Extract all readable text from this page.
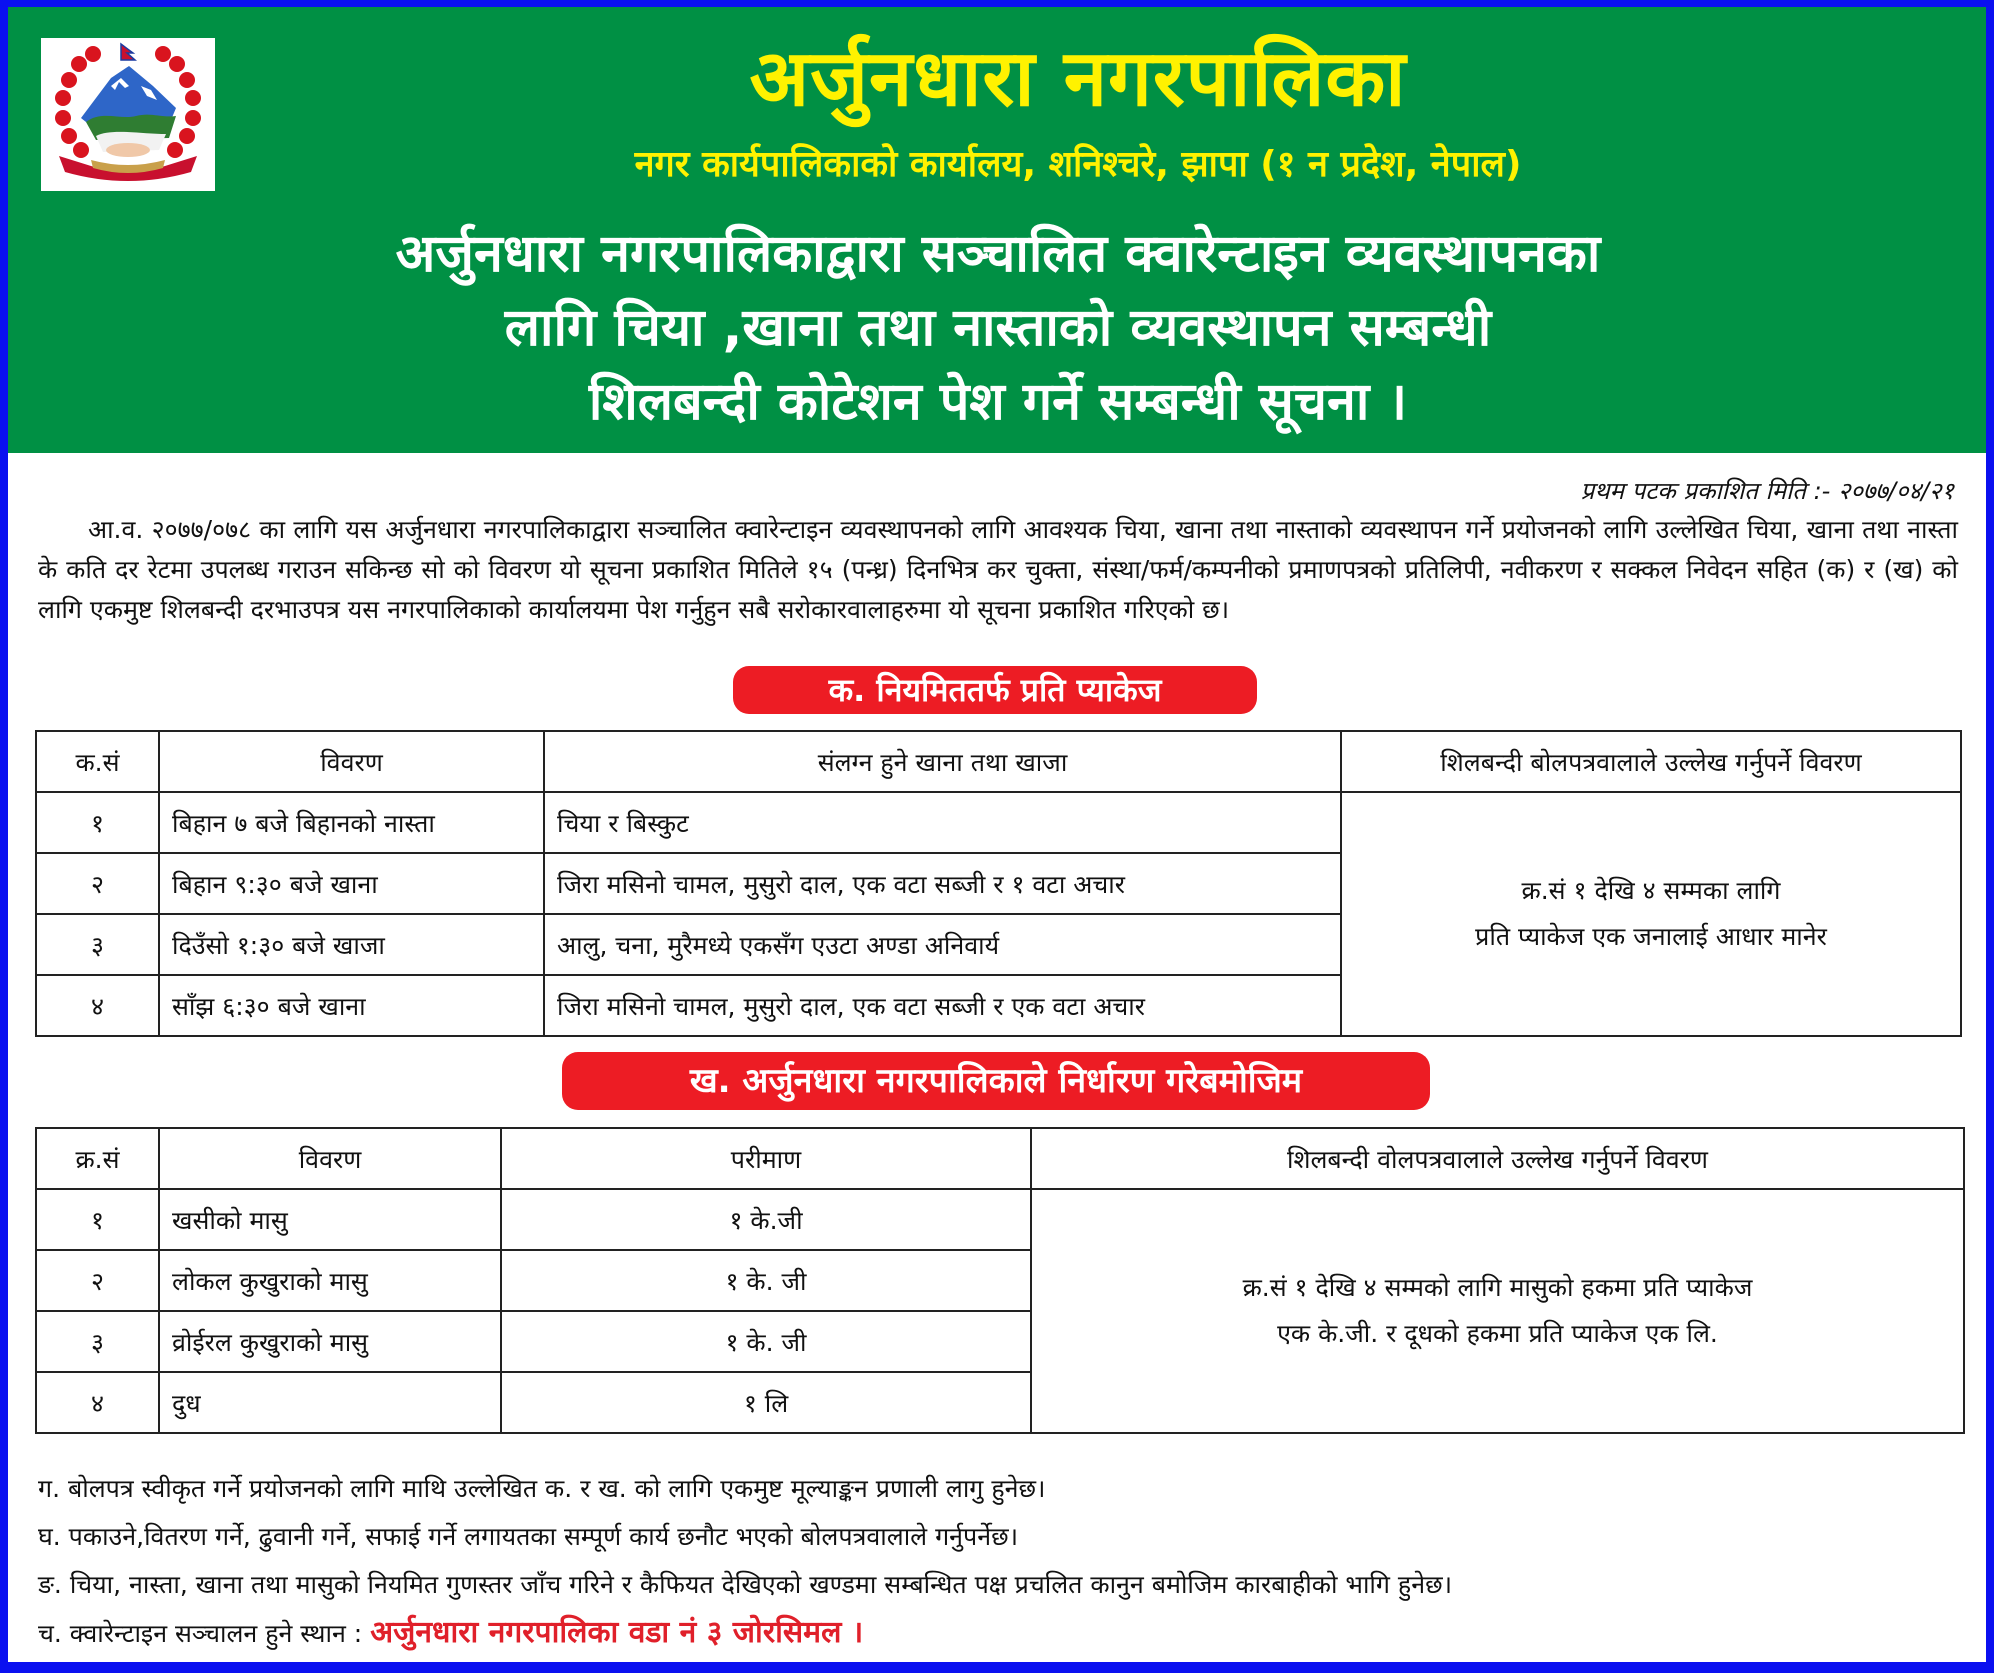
अर्जुनधारा नगरपालिका
नगर कार्यपालिकाको कार्यालय, शनिश्चरे, झापा (१ न प्रदेश, नेपाल)
अर्जुनधारा नगरपालिकाद्वारा सञ्चालित क्वारेन्टाइन व्यवस्थापनका
लागि चिया ,खाना तथा नास्ताको व्यवस्थापन सम्बन्धी
शिलबन्दी कोटेशन पेश गर्ने सम्बन्धी सूचना ।
प्रथम पटक प्रकाशित मिति :- २०७७/०४/२१
आ.व. २०७७/०७८ का लागि यस अर्जुनधारा नगरपालिकाद्वारा सञ्चालित क्वारेन्टाइन व्यवस्थापनको लागि आवश्यक चिया, खाना तथा नास्ताको व्यवस्थापन गर्ने प्रयोजनको लागि उल्लेखित चिया, खाना तथा नास्ता के कति दर रेटमा उपलब्ध गराउन सकिन्छ सो को विवरण यो सूचना प्रकाशित मितिले १५ (पन्ध्र) दिनभित्र कर चुक्ता, संस्था/फर्म/कम्पनीको प्रमाणपत्रको प्रतिलिपी, नवीकरण र सक्कल निवेदन सहित (क) र (ख) को लागि एकमुष्ट शिलबन्दी दरभाउपत्र यस नगरपालिकाको कार्यालयमा पेश गर्नुहुन सबै सरोकारवालाहरुमा यो सूचना प्रकाशित गरिएको छ।
क. नियमिततर्फ प्रति प्याकेज
क.सं	विवरण	संलग्न हुने खाना तथा खाजा	शिलबन्दी बोलपत्रवालाले उल्लेख गर्नुपर्ने विवरण
१	बिहान ७ बजे बिहानको नास्ता	चिया र बिस्कुट	क्र.सं १ देखि ४ सम्मका लागि
प्रति प्याकेज एक जनालाई आधार मानेर

२	बिहान ९:३० बजे खाना	जिरा मसिनो चामल, मुसुरो दाल, एक वटा सब्जी र १ वटा अचार	
३	दिउँसो १:३० बजे खाजा	आलु, चना, मुरैमध्ये एकसँग एउटा अण्डा अनिवार्य	
४	साँझ ६:३० बजे खाना	जिरा मसिनो चामल, मुसुरो दाल, एक वटा सब्जी र एक वटा अचार	
ख. अर्जुनधारा नगरपालिकाले निर्धारण गरेबमोजिम
क्र.सं	विवरण	परीमाण	शिलबन्दी वोलपत्रवालाले उल्लेख गर्नुपर्ने विवरण
१	खसीको मासु	१ के.जी	क्र.सं १ देखि ४ सम्मको लागि मासुको हकमा प्रति प्याकेज
एक के.जी. र दूधको हकमा प्रति प्याकेज एक लि.

२	लोकल कुखुराको मासु	१ के. जी	
३	व्रोईरल कुखुराको मासु	१ के. जी	
४	दुध	१ लि	
ग. बोलपत्र स्वीकृत गर्ने प्रयोजनको लागि माथि उल्लेखित क. र ख. को लागि एकमुष्ट मूल्याङ्कन प्रणाली लागु हुनेछ।
घ. पकाउने,वितरण गर्ने, ढुवानी गर्ने, सफाई गर्ने लगायतका सम्पूर्ण कार्य छनौट भएको बोलपत्रवालाले गर्नुपर्नेछ।
ङ. चिया, नास्ता, खाना तथा मासुको नियमित गुणस्तर जाँच गरिने र कैफियत देखिएको खण्डमा सम्बन्धित पक्ष प्रचलित कानुन बमोजिम कारबाहीको भागि हुनेछ।
च. क्वारेन्टाइन सञ्चालन हुने स्थान : अर्जुनधारा नगरपालिका वडा नं ३ जोरसिमल ।
